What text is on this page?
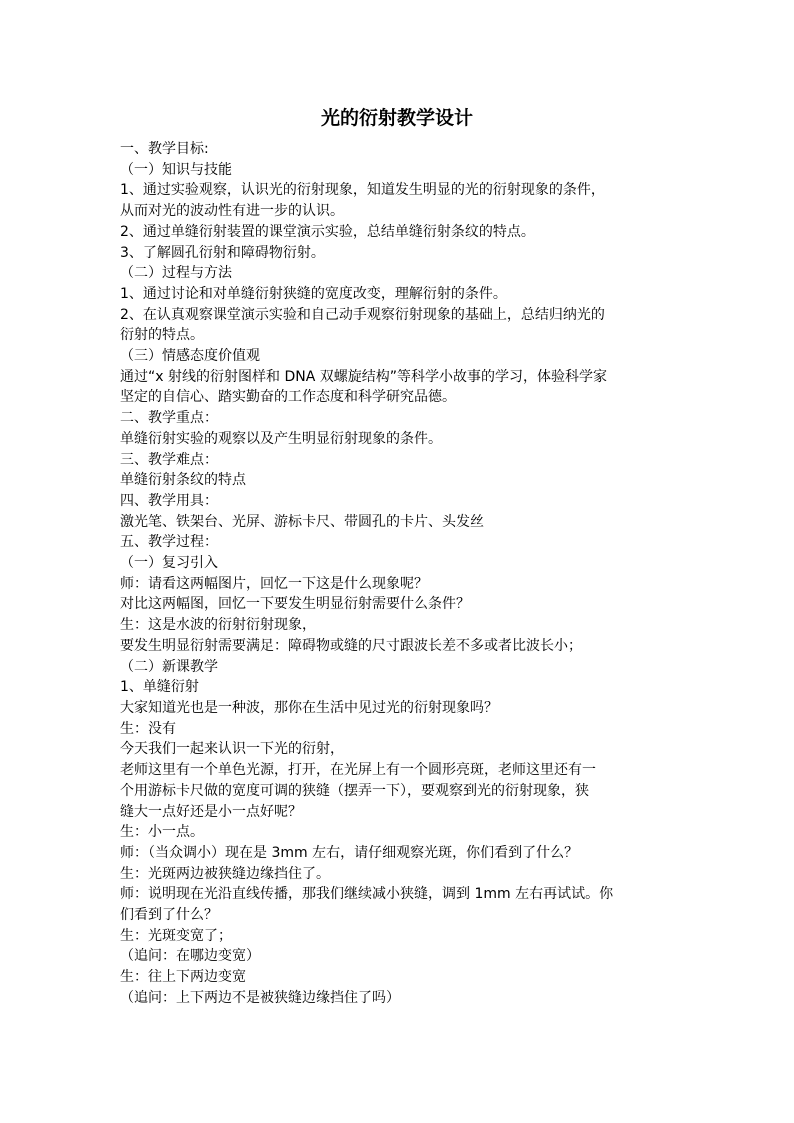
光的衍射教学设计
一、教学目标:
（一）知识与技能
1、通过实验观察，认识光的衍射现象，知道发生明显的光的衍射现象的条件，
从而对光的波动性有进一步的认识。
2、通过单缝衍射装置的课堂演示实验，总结单缝衍射条纹的特点。
3、了解圆孔衍射和障碍物衍射。
（二）过程与方法
1、通过讨论和对单缝衍射狭缝的宽度改变，理解衍射的条件。
2、在认真观察课堂演示实验和自己动手观察衍射现象的基础上，总结归纳光的
衍射的特点。
（三）情感态度价值观
通过“x 射线的衍射图样和 DNA 双螺旋结构”等科学小故事的学习，体验科学家
坚定的自信心、踏实勤奋的工作态度和科学研究品德。
二、教学重点：
单缝衍射实验的观察以及产生明显衍射现象的条件。
三、教学难点：
单缝衍射条纹的特点
四、教学用具：
激光笔、铁架台、光屏、游标卡尺、带圆孔的卡片、头发丝
五、教学过程：
（一）复习引入
师：请看这两幅图片，回忆一下这是什么现象呢？
对比这两幅图，回忆一下要发生明显衍射需要什么条件？
生：这是水波的衍射衍射现象，
要发生明显衍射需要满足：障碍物或缝的尺寸跟波长差不多或者比波长小；
（二）新课教学
1、单缝衍射
大家知道光也是一种波，那你在生活中见过光的衍射现象吗？
生：没有
今天我们一起来认识一下光的衍射，
老师这里有一个单色光源，打开，在光屏上有一个圆形亮斑，老师这里还有一
个用游标卡尺做的宽度可调的狭缝（摆弄一下），要观察到光的衍射现象，狭
缝大一点好还是小一点好呢？
生：小一点。
师：（当众调小）现在是 3mm 左右，请仔细观察光斑，你们看到了什么？
生：光斑两边被狭缝边缘挡住了。
师：说明现在光沿直线传播，那我们继续减小狭缝，调到 1mm 左右再试试。你
们看到了什么？
生：光斑变宽了；
（追问：在哪边变宽）
生：往上下两边变宽
（追问：上下两边不是被狭缝边缘挡住了吗）
